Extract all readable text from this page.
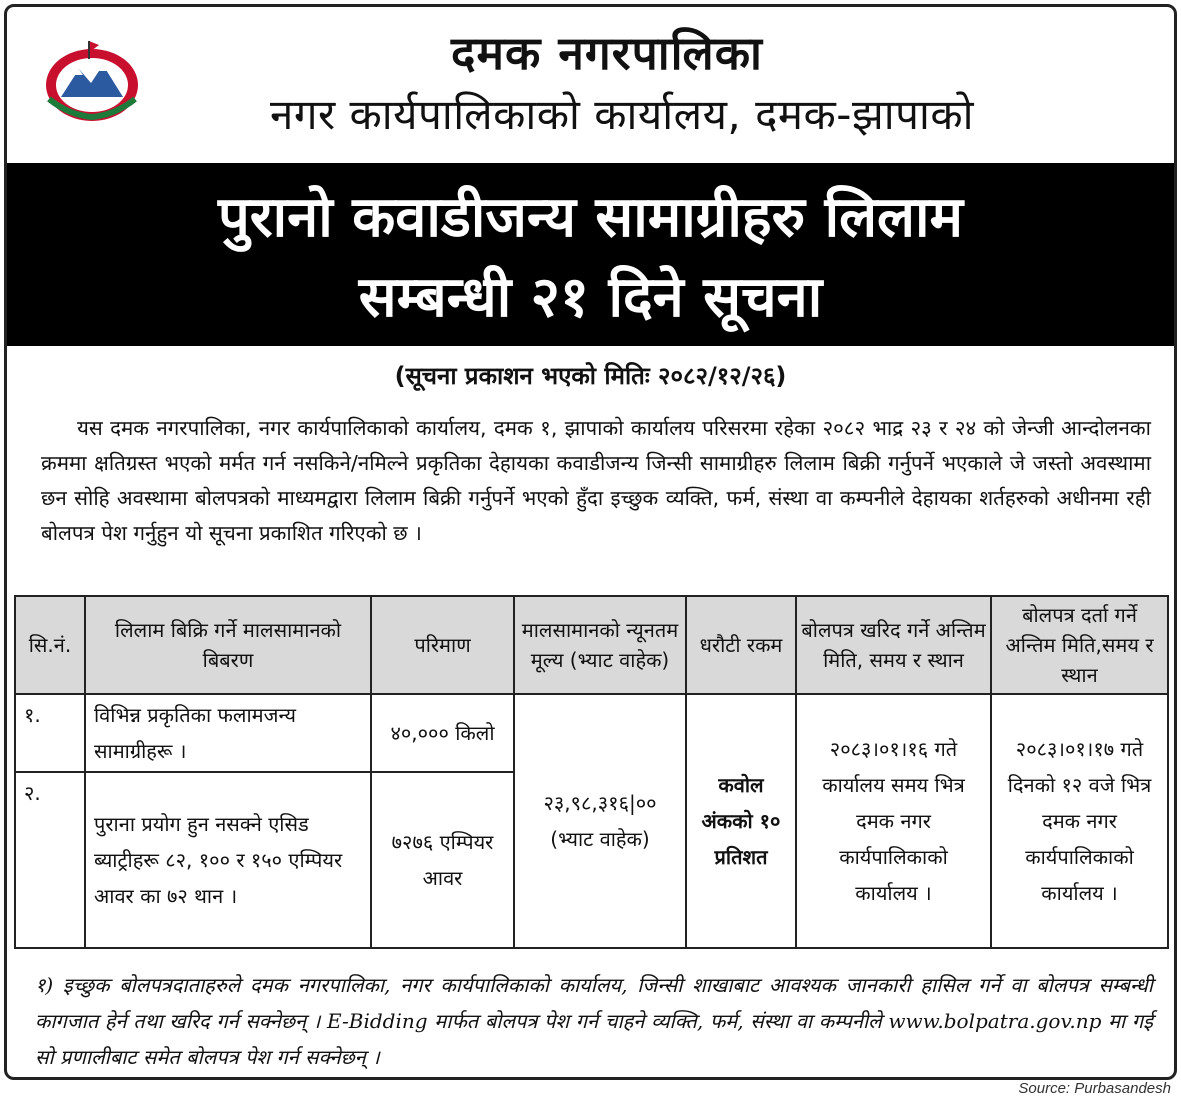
दमक नगरपालिका
नगर कार्यपालिकाको कार्यालय, दमक-झापाको
पुरानो कवाडीजन्य सामाग्रीहरु लिलाम
सम्बन्धी २१ दिने सूचना
(सूचना प्रकाशन भएको मितिः २०८२/१२/२६)
यस दमक नगरपालिका, नगर कार्यपालिकाको कार्यालय, दमक १, झापाको कार्यालय परिसरमा रहेका २०८२ भाद्र २३ र २४ को जेन्जी आन्दोलनका क्रममा क्षतिग्रस्त भएको मर्मत गर्न नसकिने/नमिल्ने प्रकृतिका देहायका कवाडीजन्य जिन्सी सामाग्रीहरु लिलाम बिक्री गर्नुपर्ने भएकाले जे जस्तो अवस्थामा छन सोहि अवस्थामा बोलपत्रको माध्यमद्वारा लिलाम बिक्री गर्नुपर्ने भएको हुँदा इच्छुक व्यक्ति, फर्म, संस्था वा कम्पनीले देहायका शर्तहरुको अधीनमा रही बोलपत्र पेश गर्नुहुन यो सूचना प्रकाशित गरिएको छ ।
सि.नं.	लिलाम बिक्रि गर्ने मालसामानको बिबरण	परिमाण	मालसामानको न्यूनतम मूल्य (भ्याट वाहेक)	धरौटी रकम	बोलपत्र खरिद गर्ने अन्तिम मिति, समय र स्थान	बोलपत्र दर्ता गर्ने अन्तिम मिति,समय र स्थान
१.	विभिन्न प्रकृतिका फलामजन्य सामाग्रीहरू ।	४०,००० किलो	२३,९८,३१६|०० (भ्याट वाहेक)	कवोल अंकको १० प्रतिशत	२०८३।०१।१६ गते कार्यालय समय भित्र दमक नगर कार्यपालिकाको कार्यालय ।	२०८३।०१।१७ गते दिनको १२ वजे भित्र दमक नगर कार्यपालिकाको कार्यालय ।
२.	पुराना प्रयोग हुन नसक्ने एसिड ब्याट्रीहरू ८२, १०० र १५० एम्पियर आवर का ७२ थान ।	७२७६ एम्पियर आवर				
१) इच्छुक बोलपत्रदाताहरुले दमक नगरपालिका, नगर कार्यपालिकाको कार्यालय, जिन्सी शाखाबाट आवश्यक जानकारी हासिल गर्ने वा बोलपत्र सम्बन्धी कागजात हेर्न तथा खरिद गर्न सक्नेछन् । E-Bidding मार्फत बोलपत्र पेश गर्न चाहने व्यक्ति, फर्म, संस्था वा कम्पनीले www.bolpatra.gov.np मा गई सो प्रणालीबाट समेत बोलपत्र पेश गर्न सक्नेछन् ।
Source: Purbasandesh
